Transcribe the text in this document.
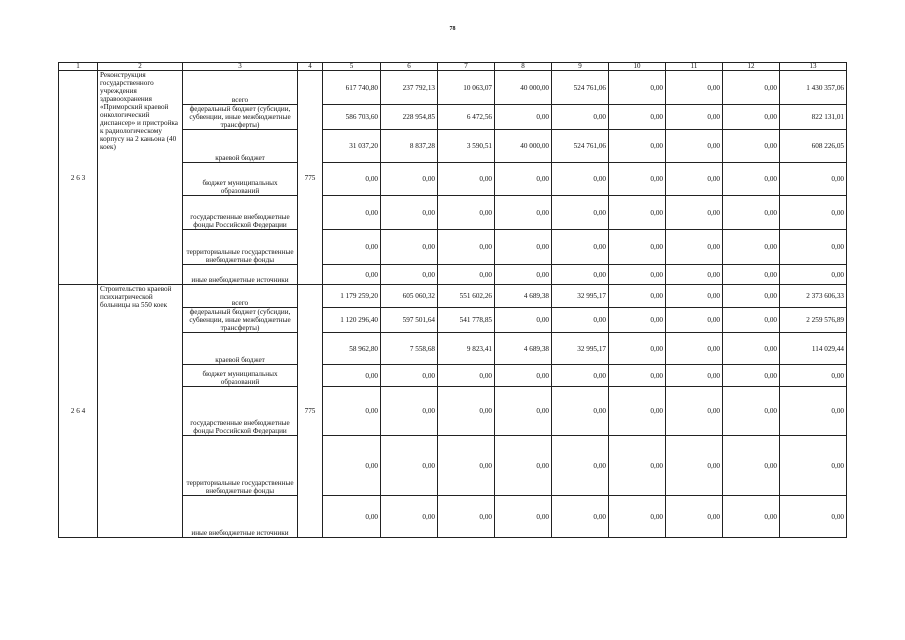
78
1	2	3	4	5	6	7	8	9	10	11	12	13
2 6 3	Реконструкция государственного учреждения здравоохранения «Приморский краевой онкологический диспансер» и пристройка к радиологическому корпусу на 2 каньона (40 коек)	всего	775	617 740,80	237 792,13	10 063,07	40 000,00	524 761,06	0,00	0,00	0,00	1 430 357,06
		федеральный бюджет (субсидии, субвенции, иные межбюджетные трансферты)		586 703,60	228 954,85	6 472,56	0,00	0,00	0,00	0,00	0,00	822 131,01
		краевой бюджет		31 037,20	8 837,28	3 590,51	40 000,00	524 761,06	0,00	0,00	0,00	608 226,05
		бюджет муниципальных образований		0,00	0,00	0,00	0,00	0,00	0,00	0,00	0,00	0,00
		государственные внебюджетные фонды Российской Федерации		0,00	0,00	0,00	0,00	0,00	0,00	0,00	0,00	0,00
		территориальные государственные внебюджетные фонды		0,00	0,00	0,00	0,00	0,00	0,00	0,00	0,00	0,00
		иные внебюджетные источники		0,00	0,00	0,00	0,00	0,00	0,00	0,00	0,00	0,00
2 6 4	Строительство краевой психиатрической больницы на 550 коек	всего	775	1 179 259,20	605 060,32	551 602,26	4 689,38	32 995,17	0,00	0,00	0,00	2 373 606,33
		федеральный бюджет (субсидии, субвенции, иные межбюджетные трансферты)		1 120 296,40	597 501,64	541 778,85	0,00	0,00	0,00	0,00	0,00	2 259 576,89
		краевой бюджет		58 962,80	7 558,68	9 823,41	4 689,38	32 995,17	0,00	0,00	0,00	114 029,44
		бюджет муниципальных образований		0,00	0,00	0,00	0,00	0,00	0,00	0,00	0,00	0,00
		государственные внебюджетные фонды Российской Федерации		0,00	0,00	0,00	0,00	0,00	0,00	0,00	0,00	0,00
		территориальные государственные внебюджетные фонды		0,00	0,00	0,00	0,00	0,00	0,00	0,00	0,00	0,00
		иные внебюджетные источники		0,00	0,00	0,00	0,00	0,00	0,00	0,00	0,00	0,00
